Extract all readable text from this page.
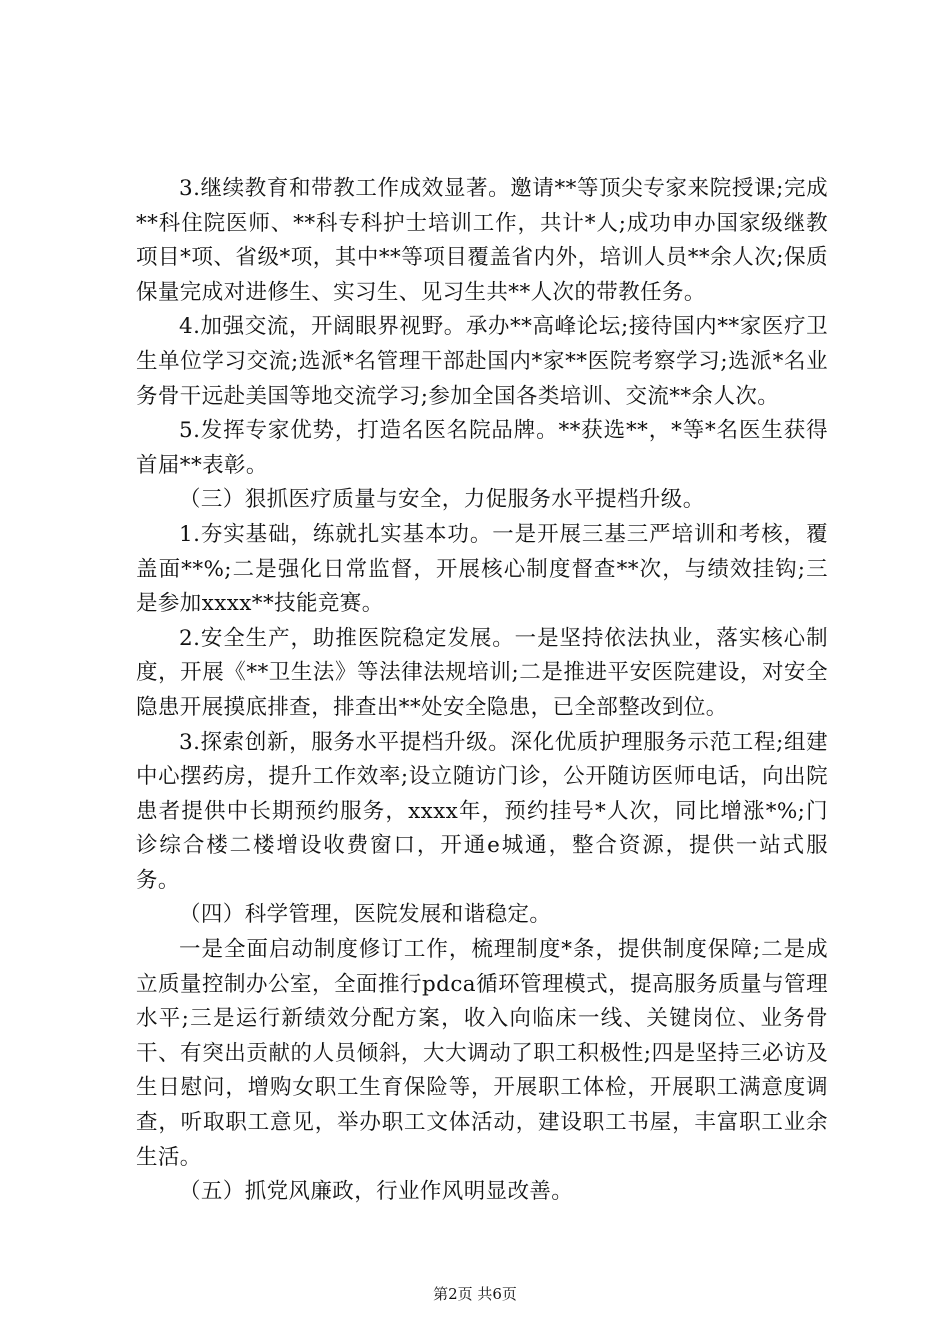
3.继续教育和带教工作成效显著。邀请**等顶尖专家来院授课;完成**科住院医师、**科专科护士培训工作，共计*人;成功申办国家级继教项目*项、省级*项，其中**等项目覆盖省内外，培训人员**余人次;保质保量完成对进修生、实习生、见习生共**人次的带教任务。

4.加强交流，开阔眼界视野。承办**高峰论坛;接待国内**家医疗卫生单位学习交流;选派*名管理干部赴国内*家**医院考察学习;选派*名业务骨干远赴美国等地交流学习;参加全国各类培训、交流**余人次。

5.发挥专家优势，打造名医名院品牌。**获选**，*等*名医生获得首届**表彰。

（三）狠抓医疗质量与安全，力促服务水平提档升级。

1.夯实基础，练就扎实基本功。一是开展三基三严培训和考核，覆盖面**%;二是强化日常监督，开展核心制度督查**次，与绩效挂钩;三是参加xxxx**技能竞赛。

2.安全生产，助推医院稳定发展。一是坚持依法执业，落实核心制度，开展《**卫生法》等法律法规培训;二是推进平安医院建设，对安全隐患开展摸底排查，排查出**处安全隐患，已全部整改到位。

3.探索创新，服务水平提档升级。深化优质护理服务示范工程;组建中心摆药房，提升工作效率;设立随访门诊，公开随访医师电话，向出院患者提供中长期预约服务，xxxx年，预约挂号*人次，同比增涨*%;门诊综合楼二楼增设收费窗口，开通e城通，整合资源，提供一站式服务。

（四）科学管理，医院发展和谐稳定。

一是全面启动制度修订工作，梳理制度*条，提供制度保障;二是成立质量控制办公室，全面推行pdca循环管理模式，提高服务质量与管理水平;三是运行新绩效分配方案，收入向临床一线、关键岗位、业务骨干、有突出贡献的人员倾斜，大大调动了职工积极性;四是坚持三必访及生日慰问，增购女职工生育保险等，开展职工体检，开展职工满意度调查，听取职工意见，举办职工文体活动，建设职工书屋，丰富职工业余生活。

（五）抓党风廉政，行业作风明显改善。

第2页 共6页
